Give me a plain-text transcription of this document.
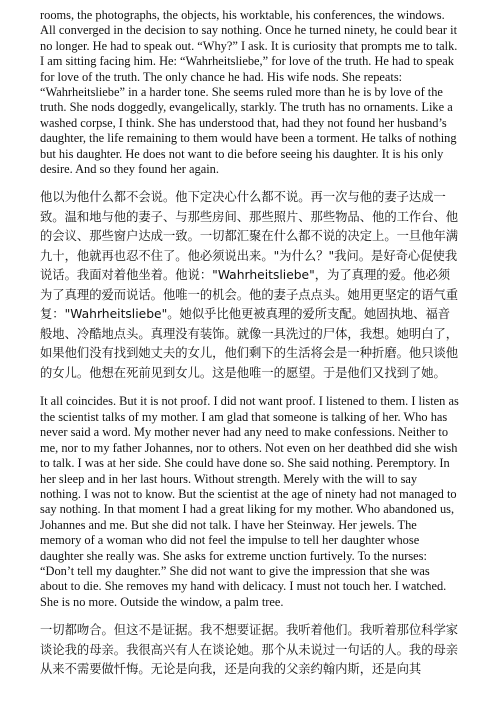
rooms, the photographs, the objects, his worktable, his conferences, the windows. All converged in the decision to say nothing. Once he turned ninety, he could bear it no longer. He had to speak out. “Why?” I ask. It is curiosity that prompts me to talk. I am sitting facing him. He: “Wahrheitsliebe,” for love of the truth. He had to speak for love of the truth. The only chance he had. His wife nods. She repeats: “Wahrheitsliebe” in a harder tone. She seems ruled more than he is by love of the truth. She nods doggedly, evangelically, starkly. The truth has no ornaments. Like a washed corpse, I think. She has understood that, had they not found her husband’s daughter, the life remaining to them would have been a torment. He talks of nothing but his daughter. He does not want to die before seeing his daughter. It is his only desire. And so they found her again.

他以为他什么都不会说。他下定决心什么都不说。再一次与他的妻子达成一致。温和地与他的妻子、与那些房间、那些照片、那些物品、他的工作台、他的会议、那些窗户达成一致。一切都汇聚在什么都不说的决定上。一旦他年满九十，他就再也忍不住了。他必须说出来。"为什么？"我问。是好奇心促使我说话。我面对着他坐着。他说："Wahrheitsliebe"，为了真理的爱。他必须为了真理的爱而说话。他唯一的机会。他的妻子点点头。她用更坚定的语气重复："Wahrheitsliebe"。她似乎比他更被真理的爱所支配。她固执地、福音般地、冷酷地点头。真理没有装饰。就像一具洗过的尸体，我想。她明白了，如果他们没有找到她丈夫的女儿，他们剩下的生活将会是一种折磨。他只谈他的女儿。他想在死前见到女儿。这是他唯一的愿望。于是他们又找到了她。

It all coincides. But it is not proof. I did not want proof. I listened to them. I listen as the scientist talks of my mother. I am glad that someone is talking of her. Who has never said a word. My mother never had any need to make confessions. Neither to me, nor to my father Johannes, nor to others. Not even on her deathbed did she wish to talk. I was at her side. She could have done so. She said nothing. Peremptory. In her sleep and in her last hours. Without strength. Merely with the will to say nothing. I was not to know. But the scientist at the age of ninety had not managed to say nothing. In that moment I had a great liking for my mother. Who abandoned us, Johannes and me. But she did not talk. I have her Steinway. Her jewels. The memory of a woman who did not feel the impulse to tell her daughter whose daughter she really was. She asks for extreme unction furtively. To the nurses: “Don’t tell my daughter.” She did not want to give the impression that she was about to die. She removes my hand with delicacy. I must not touch her. I watched. She is no more. Outside the window, a palm tree.

一切都吻合。但这不是证据。我不想要证据。我听着他们。我听着那位科学家谈论我的母亲。我很高兴有人在谈论她。那个从未说过一句话的人。我的母亲从来不需要做忏悔。无论是向我，还是向我的父亲约翰内斯，还是向其
